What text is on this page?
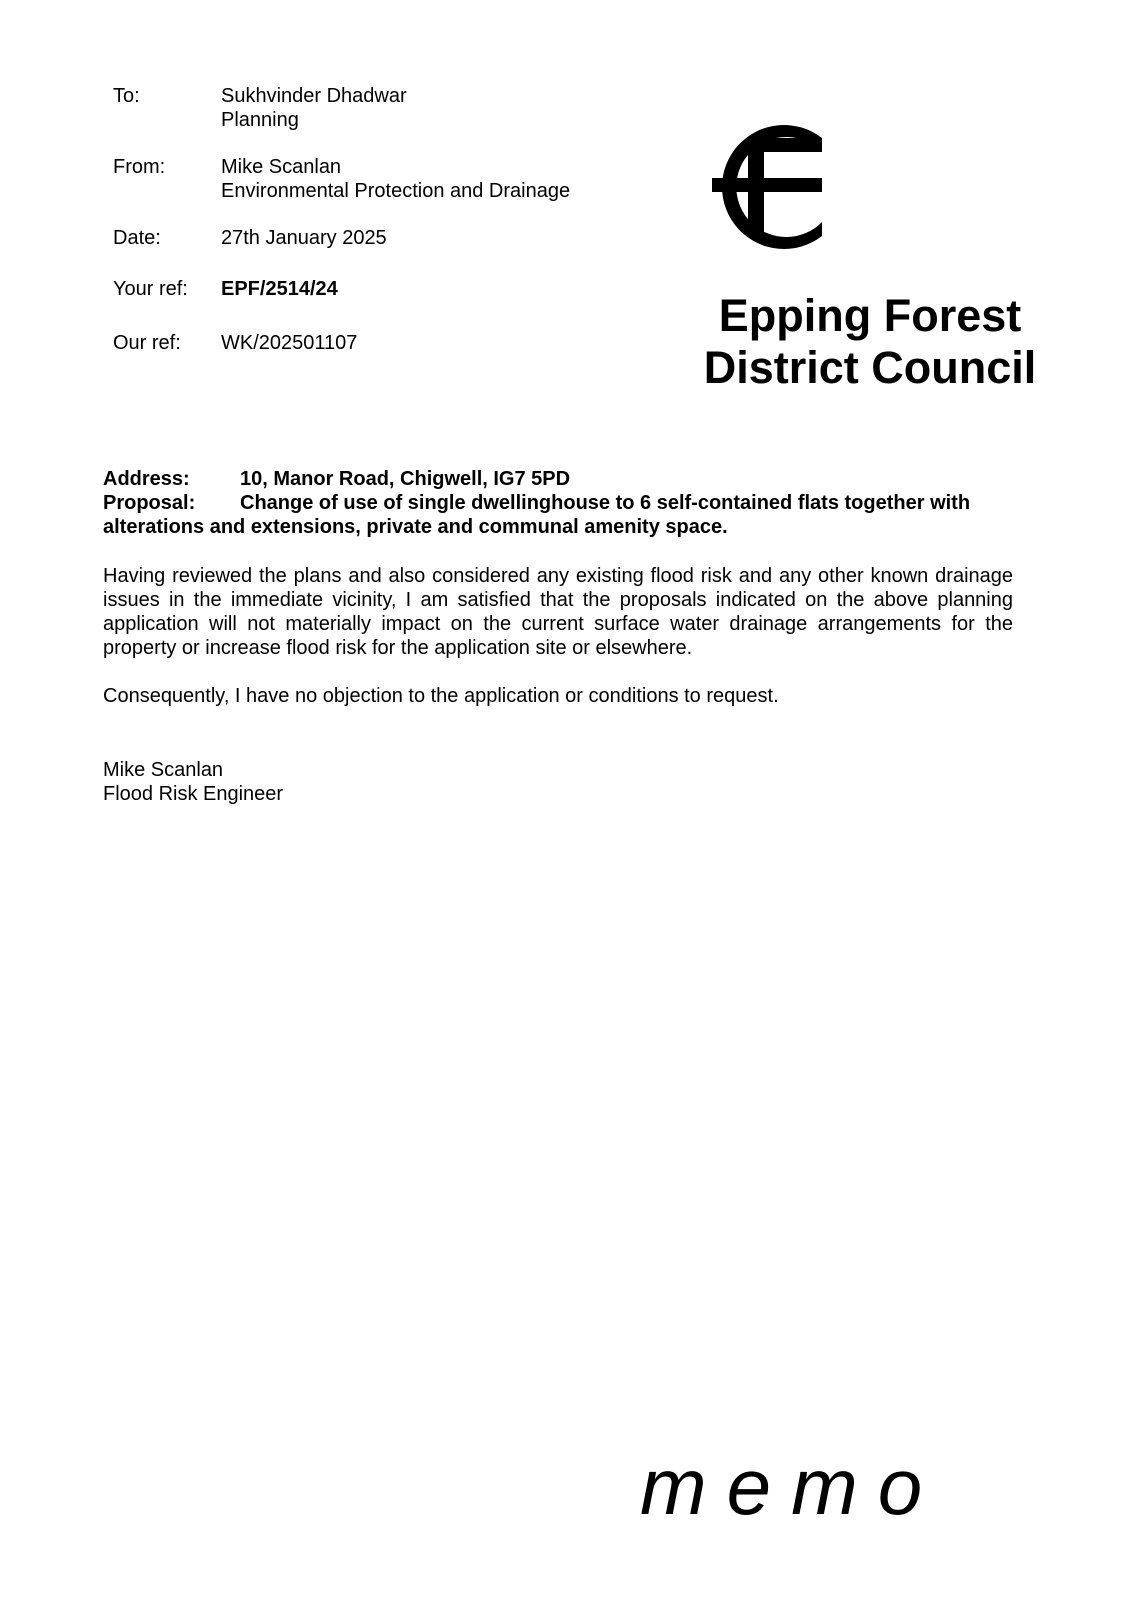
To:	Sukhvinder Dhadwar
Planning
From:	Mike Scanlan
Environmental Protection and Drainage
Date:	27th January 2025
Your ref:	EPF/2514/24
Our ref:	WK/202501107
Epping Forest
District Council
Address:	10, Manor Road, Chigwell, IG7 5PD
Proposal: Change of use of single dwellinghouse to 6 self-contained flats together with
alterations and extensions, private and communal amenity space.

Having reviewed the plans and also considered any existing flood risk and any other known drainage issues in the immediate vicinity, I am satisfied that the proposals indicated on the above planning application will not materially impact on the current surface water drainage arrangements for the property or increase flood risk for the application site or elsewhere.

Consequently, I have no objection to the application or conditions to request.

Mike Scanlan
Flood Risk Engineer
memo
